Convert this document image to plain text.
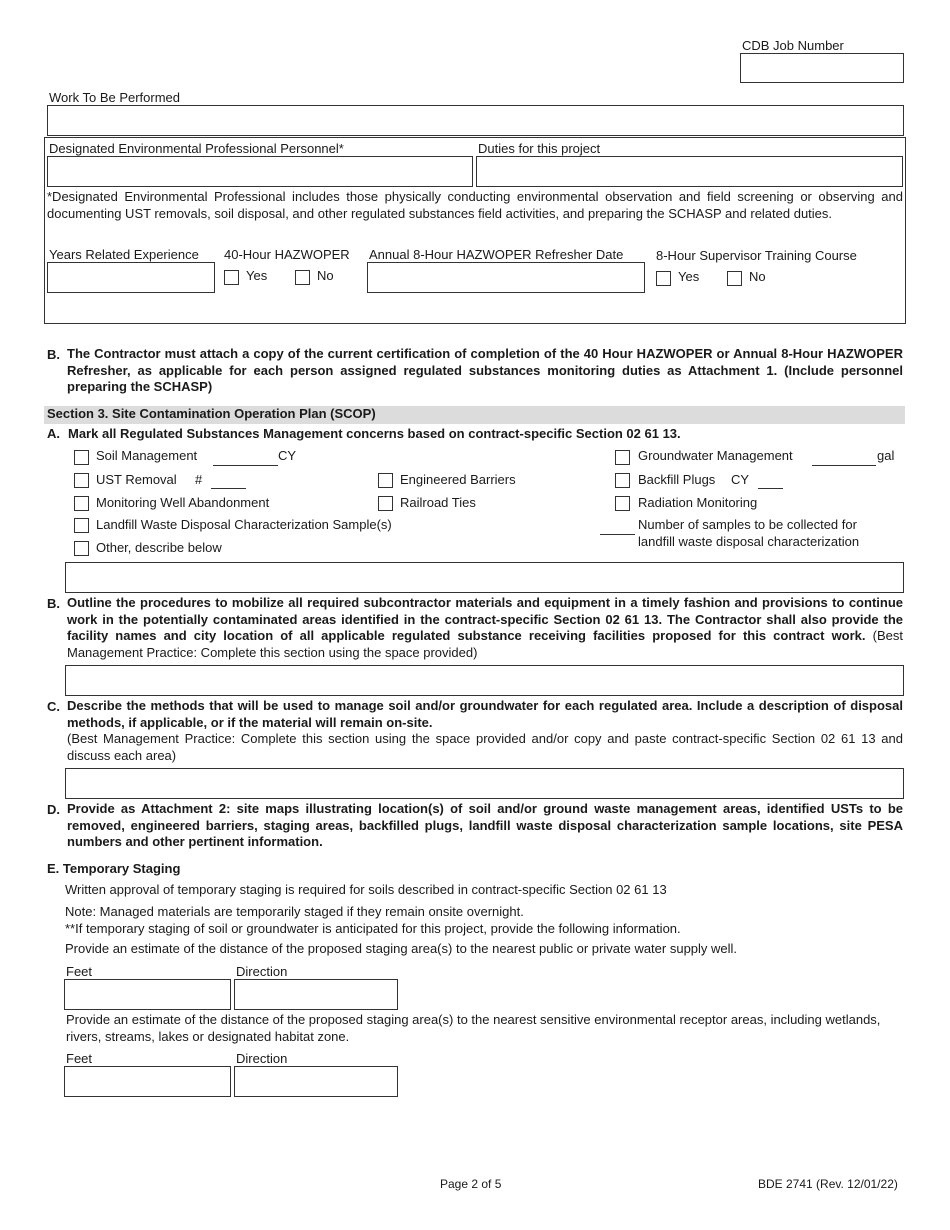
CDB Job Number
Work To Be Performed
Designated Environmental Professional Personnel*	Duties for this project
*Designated Environmental Professional includes those physically conducting environmental observation and field screening or observing and documenting UST removals, soil disposal, and other regulated substances field activities, and preparing the SCHASP and related duties.
Years Related Experience 40-Hour HAZWOPER
Yes	No
Annual 8-Hour HAZWOPER Refresher Date	8-Hour Supervisor Training Course
Yes	No
B. The Contractor must attach a copy of the current certification of completion of the 40 Hour HAZWOPER or Annual 8-Hour HAZWOPER Refresher, as applicable for each person assigned regulated substances monitoring duties as Attachment 1. (Include personnel preparing the SCHASP)
Section 3. Site Contamination Operation Plan (SCOP)
A. Mark all Regulated Substances Management concerns based on contract-specific Section 02 61 13.
Soil Management	CY	Groundwater Management	gal
UST Removal #	Engineered Barriers	Backfill Plugs CY
Monitoring Well Abandonment	Railroad Ties	Radiation Monitoring
Landfill Waste Disposal Characterization Sample(s)	Number of samples to be collected for
landfill waste disposal characterization
Other, describe below
B. Outline the procedures to mobilize all required subcontractor materials and equipment in a timely fashion and provisions to continue work in the potentially contaminated areas identified in the contract-specific Section 02 61 13. The Contractor shall also provide the facility names and city location of all applicable regulated substance receiving facilities proposed for this contract work. (Best Management Practice: Complete this section using the space provided)
C. Describe the methods that will be used to manage soil and/or groundwater for each regulated area. Include a description of disposal methods, if applicable, or if the material will remain on-site.
(Best Management Practice: Complete this section using the space provided and/or copy and paste contract-specific Section 02 61 13 and discuss each area)
D. Provide as Attachment 2: site maps illustrating location(s) of soil and/or ground waste management areas, identified USTs to be removed, engineered barriers, staging areas, backfilled plugs, landfill waste disposal characterization sample locations, site PESA numbers and other pertinent information.
E. Temporary Staging
Written approval of temporary staging is required for soils described in contract-specific Section 02 61 13
Note: Managed materials are temporarily staged if they remain onsite overnight.
**If temporary staging of soil or groundwater is anticipated for this project, provide the following information.
Provide an estimate of the distance of the proposed staging area(s) to the nearest public or private water supply well.
Feet	Direction
Provide an estimate of the distance of the proposed staging area(s) to the nearest sensitive environmental receptor areas, including wetlands, rivers, streams, lakes or designated habitat zone.
Feet	Direction
Page 2 of 5	BDE 2741 (Rev. 12/01/22)
